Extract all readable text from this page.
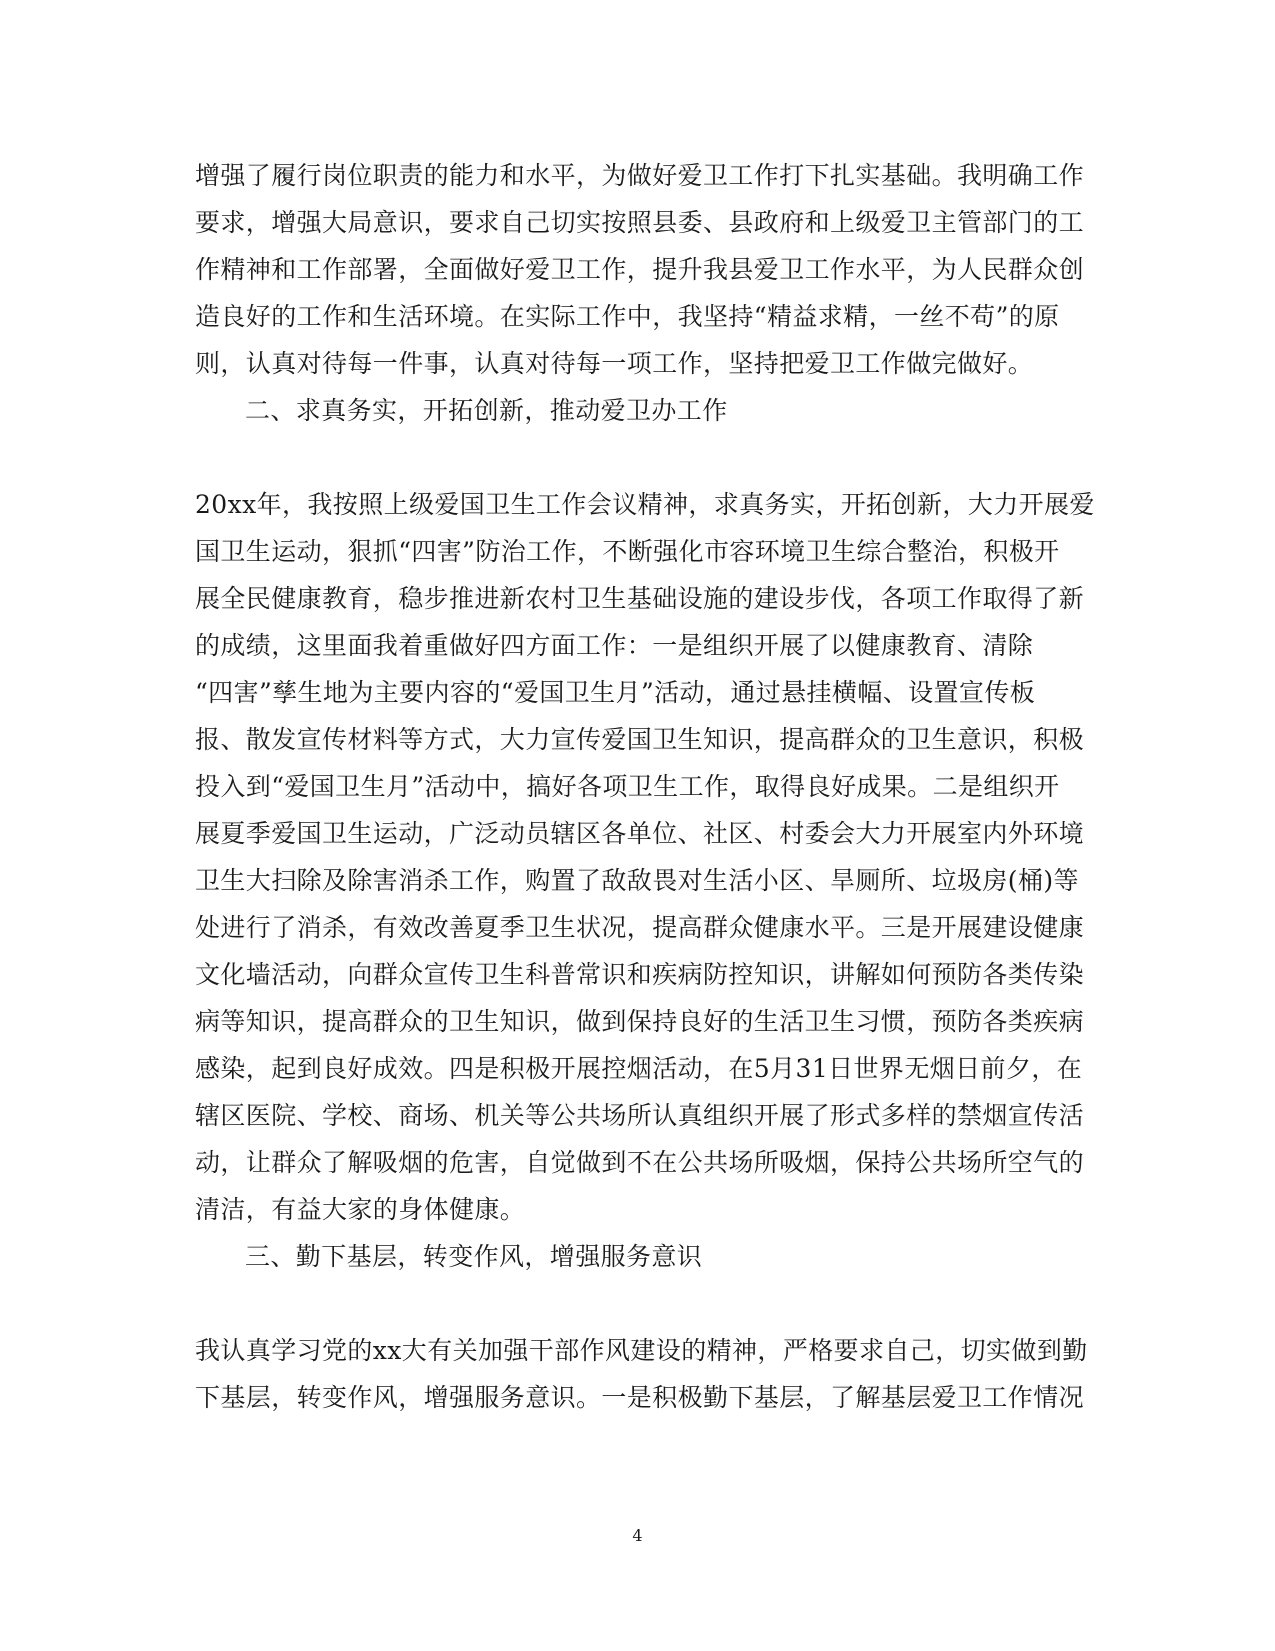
增强了履行岗位职责的能力和水平，为做好爱卫工作打下扎实基础。我明确工作
要求，增强大局意识，要求自己切实按照县委、县政府和上级爱卫主管部门的工
作精神和工作部署，全面做好爱卫工作，提升我县爱卫工作水平，为人民群众创
造良好的工作和生活环境。在实际工作中，我坚持“精益求精，一丝不苟”的原
则，认真对待每一件事，认真对待每一项工作，坚持把爱卫工作做完做好。
二、求真务实，开拓创新，推动爱卫办工作
20xx年，我按照上级爱国卫生工作会议精神，求真务实，开拓创新，大力开展爱
国卫生运动，狠抓“四害”防治工作，不断强化市容环境卫生综合整治，积极开
展全民健康教育，稳步推进新农村卫生基础设施的建设步伐，各项工作取得了新
的成绩，这里面我着重做好四方面工作：一是组织开展了以健康教育、清除
“四害”孳生地为主要内容的“爱国卫生月”活动，通过悬挂横幅、设置宣传板
报、散发宣传材料等方式，大力宣传爱国卫生知识，提高群众的卫生意识，积极
投入到“爱国卫生月”活动中，搞好各项卫生工作，取得良好成果。二是组织开
展夏季爱国卫生运动，广泛动员辖区各单位、社区、村委会大力开展室内外环境
卫生大扫除及除害消杀工作，购置了敌敌畏对生活小区、旱厕所、垃圾房(桶)等
处进行了消杀，有效改善夏季卫生状况，提高群众健康水平。三是开展建设健康
文化墙活动，向群众宣传卫生科普常识和疾病防控知识，讲解如何预防各类传染
病等知识，提高群众的卫生知识，做到保持良好的生活卫生习惯，预防各类疾病
感染，起到良好成效。四是积极开展控烟活动，在5月31日世界无烟日前夕，在
辖区医院、学校、商场、机关等公共场所认真组织开展了形式多样的禁烟宣传活
动，让群众了解吸烟的危害，自觉做到不在公共场所吸烟，保持公共场所空气的
清洁，有益大家的身体健康。
三、勤下基层，转变作风，增强服务意识
我认真学习党的xx大有关加强干部作风建设的精神，严格要求自己，切实做到勤
下基层，转变作风，增强服务意识。一是积极勤下基层，了解基层爱卫工作情况
4
